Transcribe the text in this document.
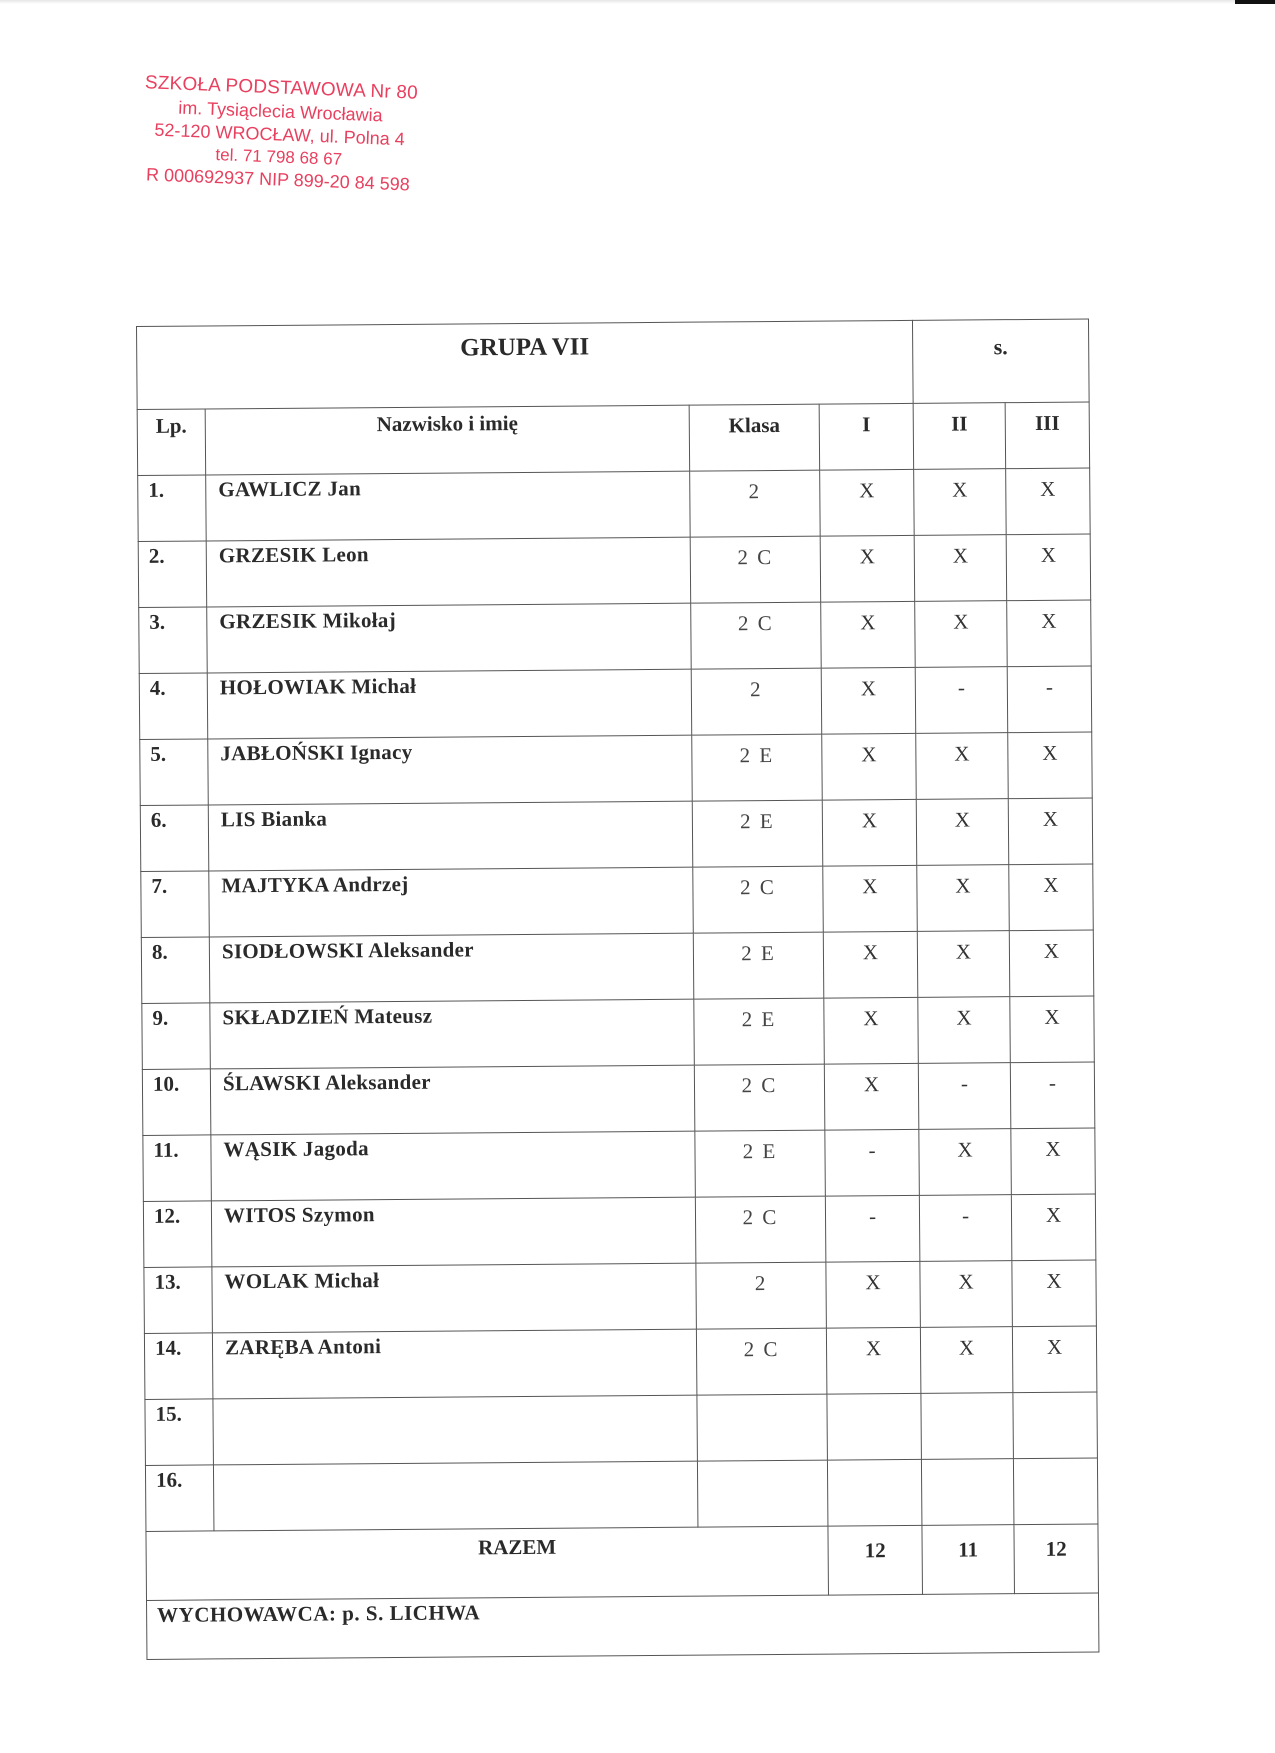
SZKOŁA PODSTAWOWA Nr 80
im. Tysiąclecia Wrocławia
52-120 WROCŁAW, ul. Polna 4
tel. 71 798 68 67
R 000692937 NIP 899-20 84 598
GRUPA VII				s.	
Lp.	Nazwisko i imię	Klasa	I	II	III
1.	GAWLICZ Jan	2	X	X	X
2.	GRZESIK Leon	2 C	X	X	X
3.	GRZESIK Mikołaj	2 C	X	X	X
4.	HOŁOWIAK Michał	2	X	-	-
5.	JABŁOŃSKI Ignacy	2 E	X	X	X
6.	LIS Bianka	2 E	X	X	X
7.	MAJTYKA Andrzej	2 C	X	X	X
8.	SIODŁOWSKI Aleksander	2 E	X	X	X
9.	SKŁADZIEŃ Mateusz	2 E	X	X	X
10.	ŚLAWSKI Aleksander	2 C	X	-	-
11.	WĄSIK Jagoda	2 E	-	X	X
12.	WITOS Szymon	2 C	-	-	X
13.	WOLAK Michał	2	X	X	X
14.	ZARĘBA Antoni	2 C	X	X	X
15.					
16.					
RAZEM			12	11	12
WYCHOWAWCA: p. S. LICHWA					
